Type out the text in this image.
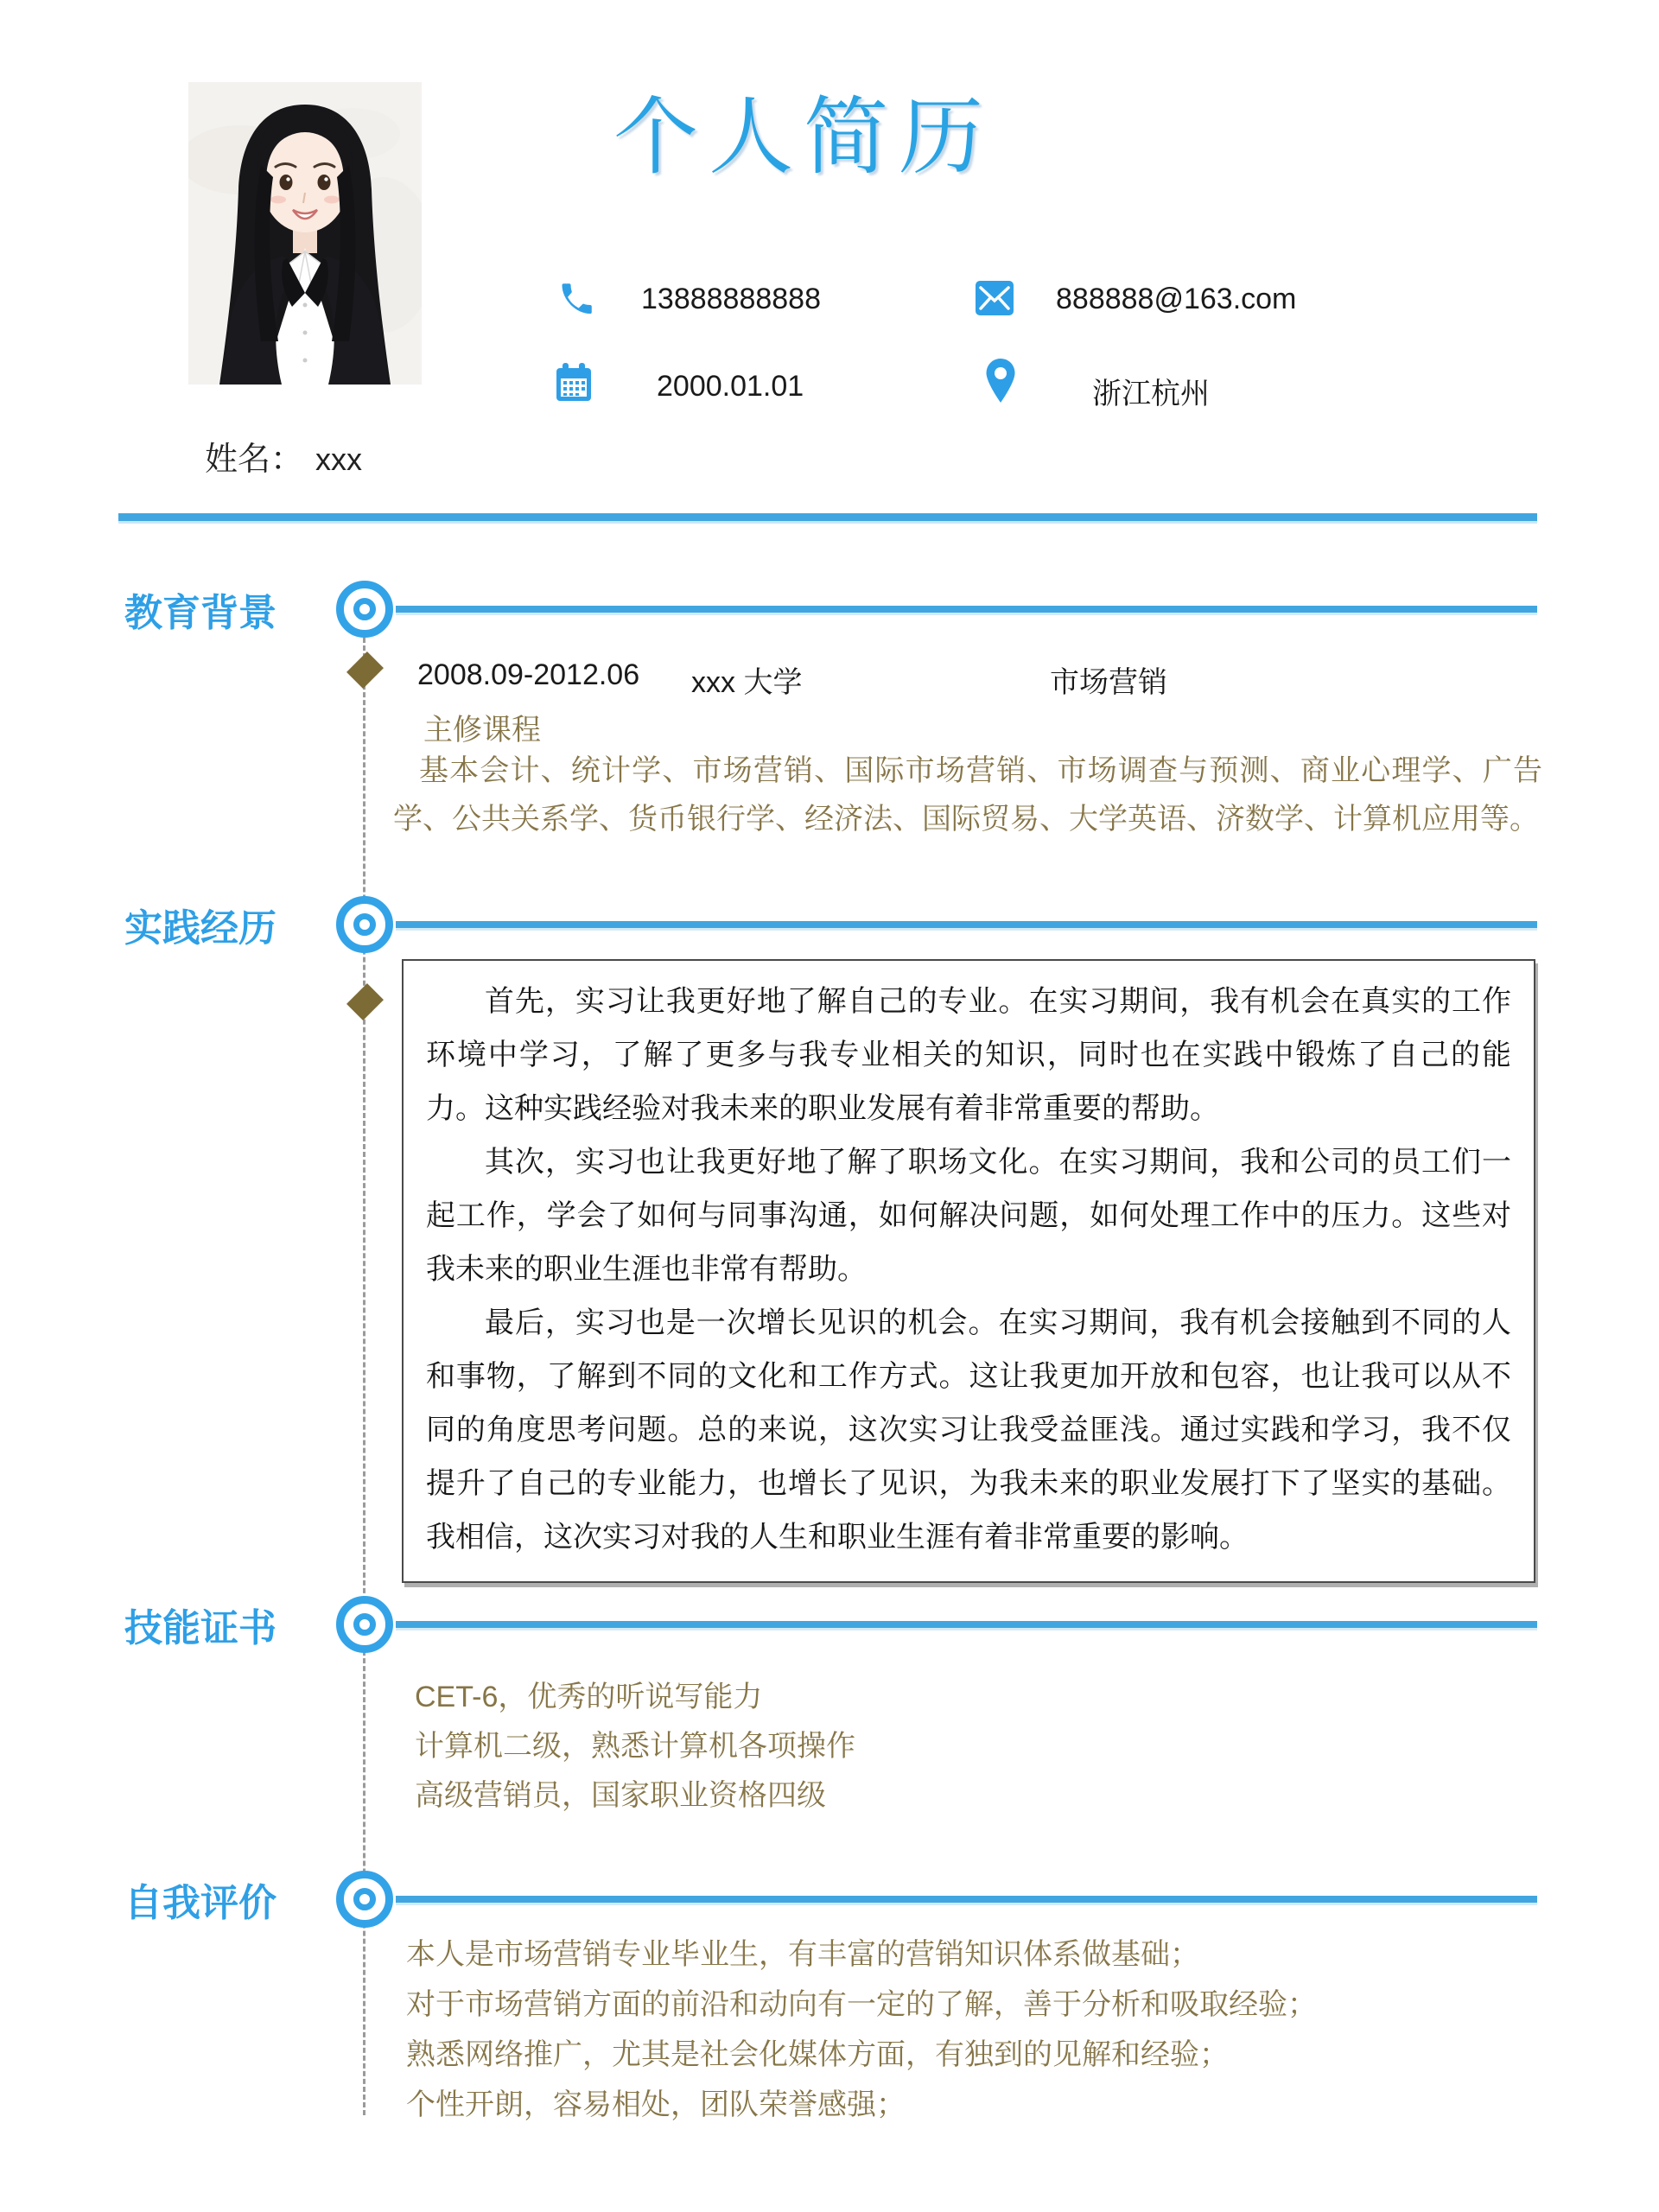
个人简历
13888888888	888888@163.com
2000.01.01	浙江杭州
姓名： xxx
教育背景
2008.09-2012.06 xxx 大学	市场营销
主修课程
基本会计、统计学、市场营销、国际市场营销、市场调查与预测、商业心理学、广告学、公共关系学、货币银行学、经济法、国际贸易、大学英语、济数学、计算机应用等。
实践经历

首先，实习让我更好地了解自己的专业。在实习期间，我有机会在真实的工作环境中学习，了解了更多与我专业相关的知识，同时也在实践中锻炼了自己的能力。这种实践经验对我未来的职业发展有着非常重要的帮助。

其次，实习也让我更好地了解了职场文化。在实习期间，我和公司的员工们一起工作，学会了如何与同事沟通，如何解决问题，如何处理工作中的压力。这些对我未来的职业生涯也非常有帮助。

最后，实习也是一次增长见识的机会。在实习期间，我有机会接触到不同的人和事物，了解到不同的文化和工作方式。这让我更加开放和包容，也让我可以从不同的角度思考问题。总的来说，这次实习让我受益匪浅。通过实践和学习，我不仅提升了自己的专业能力，也增长了见识，为我未来的职业发展打下了坚实的基础。我相信，这次实习对我的人生和职业生涯有着非常重要的影响。

技能证书
CET-6，优秀的听说写能力
计算机二级，熟悉计算机各项操作
高级营销员，国家职业资格四级
自我评价
本人是市场营销专业毕业生，有丰富的营销知识体系做基础；
对于市场营销方面的前沿和动向有一定的了解，善于分析和吸取经验；
熟悉网络推广，尤其是社会化媒体方面，有独到的见解和经验；
个性开朗，容易相处，团队荣誉感强；
